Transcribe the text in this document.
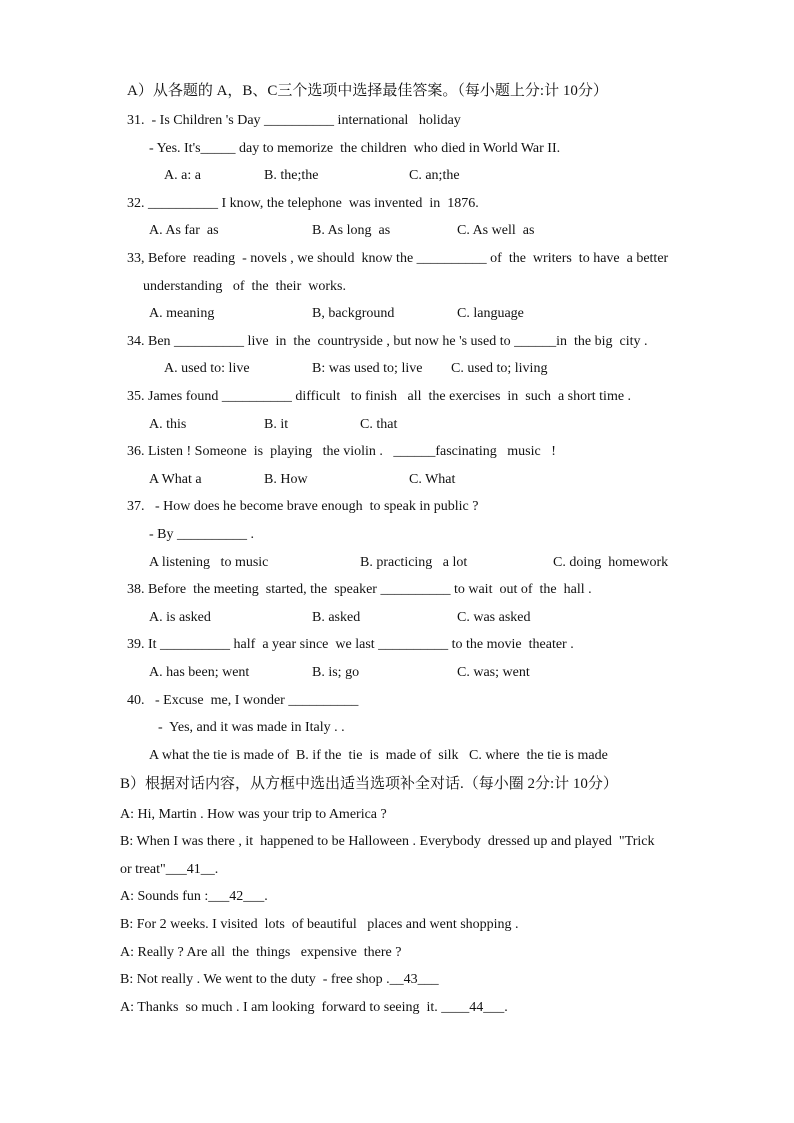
A）从各题的 A，B、C三个选项中选择最佳答案。（每小题上分:计 10分）
31.  - Is Children 's Day __________ international   holiday
- Yes. It's_____ day to memorize  the children  who died in World War II.
A. a: a	B. the;the	C. an;the
32. __________ I know, the telephone  was invented  in  1876.
A. As far  as	B. As long  as	C. As well  as
33, Before  reading  - novels , we should  know the __________ of  the  writers  to have  a better
understanding   of  the  their  works.
A. meaning	B, background	C. language
34. Ben __________ live  in  the  countryside , but now he 's used to ______in  the big  city .
A. used to: live	B: was used to; live C. used to; living
35. James found __________ difficult   to finish   all  the exercises  in  such  a short time .
A. this	B. it	C. that
36. Listen ! Someone  is  playing   the violin .   ______fascinating   music   !
A What a	B. How	C. What
37.   - How does he become brave enough  to speak in public ?
- By __________ .
A listening   to music	B. practicing   a lot	C. doing  homework
38. Before  the meeting  started, the  speaker __________ to wait  out of  the  hall .
A. is asked	B. asked	C. was asked
39. It __________ half  a year since  we last __________ to the movie  theater .
A. has been; went	B. is; go	C. was; went
40.   - Excuse  me, I wonder __________
-  Yes, and it was made in Italy . .
A what the tie is made of  B. if the  tie  is  made of  silk   C. where  the tie is made
B）根据对话内容，从方框中选出适当选项补全对话.（每小圈 2分:计 10分）
A: Hi, Martin . How was your trip to America ?
B: When I was there , it  happened to be Halloween . Everybody  dressed up and played  "Trick
or treat"___41__.
A: Sounds fun :___42___.
B: For 2 weeks. I visited  lots  of beautiful   places and went shopping .
A: Really ? Are all  the  things   expensive  there ?
B: Not really . We went to the duty  - free shop .__43___
A: Thanks  so much . I am looking  forward to seeing  it. ____44___.
